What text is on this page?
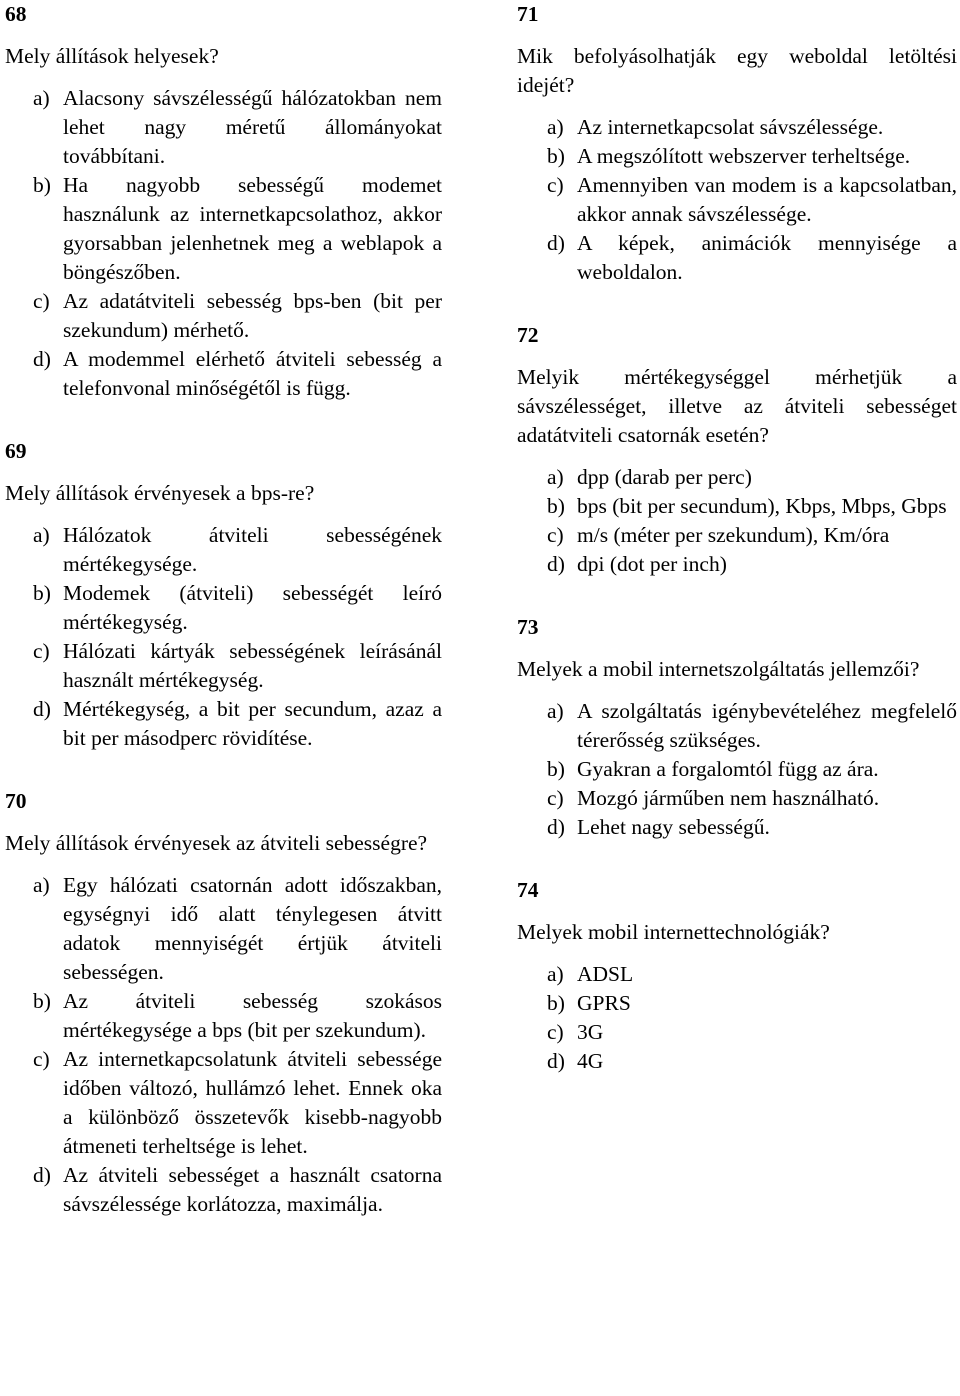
68
Mely állítások helyesek?
a) Alacsony sávszélességű hálózatokban nem lehet nagy méretű állományokat továbbítani.
b) Ha nagyobb sebességű modemet használunk az internetkapcsolathoz, akkor gyorsabban jelenhetnek meg a weblapok a böngészőben.
c) Az adatátviteli sebesség bps-ben (bit per szekundum) mérhető.
d) A modemmel elérhető átviteli sebesség a telefonvonal minőségétől is függ.
69
Mely állítások érvényesek a bps-re?
a) Hálózatok átviteli sebességének mértékegysége.
b) Modemek (átviteli) sebességét leíró mértékegység.
c) Hálózati kártyák sebességének leírásánál használt mértékegység.
d) Mértékegység, a bit per secundum, azaz a bit per másodperc rövidítése.
70
Mely állítások érvényesek az átviteli sebességre?
a) Egy hálózati csatornán adott időszakban, egységnyi idő alatt ténylegesen átvitt adatok mennyiségét értjük átviteli sebességen.
b) Az átviteli sebesség szokásos mértékegysége a bps (bit per szekundum).
c) Az internetkapcsolatunk átviteli sebessége időben változó, hullámzó lehet. Ennek oka a különböző összetevők kisebb-nagyobb átmeneti terheltsége is lehet.
d) Az átviteli sebességet a használt csatorna sávszélessége korlátozza, maximálja.
71
Mik befolyásolhatják egy weboldal letöltési idejét?
a) Az internetkapcsolat sávszélessége.
b) A megszólított webszerver terheltsége.
c) Amennyiben van modem is a kapcsolatban, akkor annak sávszélessége.
d) A képek, animációk mennyisége a weboldalon.
72
Melyik mértékegységgel mérhetjük a sávszélességet, illetve az átviteli sebességet adatátviteli csatornák esetén?
a) dpp (darab per perc)
b) bps (bit per secundum), Kbps, Mbps, Gbps
c) m/s (méter per szekundum), Km/óra
d) dpi (dot per inch)
73
Melyek a mobil internetszolgáltatás jellemzői?
a) A szolgáltatás igénybevételéhez megfelelő térerősség szükséges.
b) Gyakran a forgalomtól függ az ára.
c) Mozgó járműben nem használható.
d) Lehet nagy sebességű.
74
Melyek mobil internettechnológiák?
a) ADSL
b) GPRS
c) 3G
d) 4G
